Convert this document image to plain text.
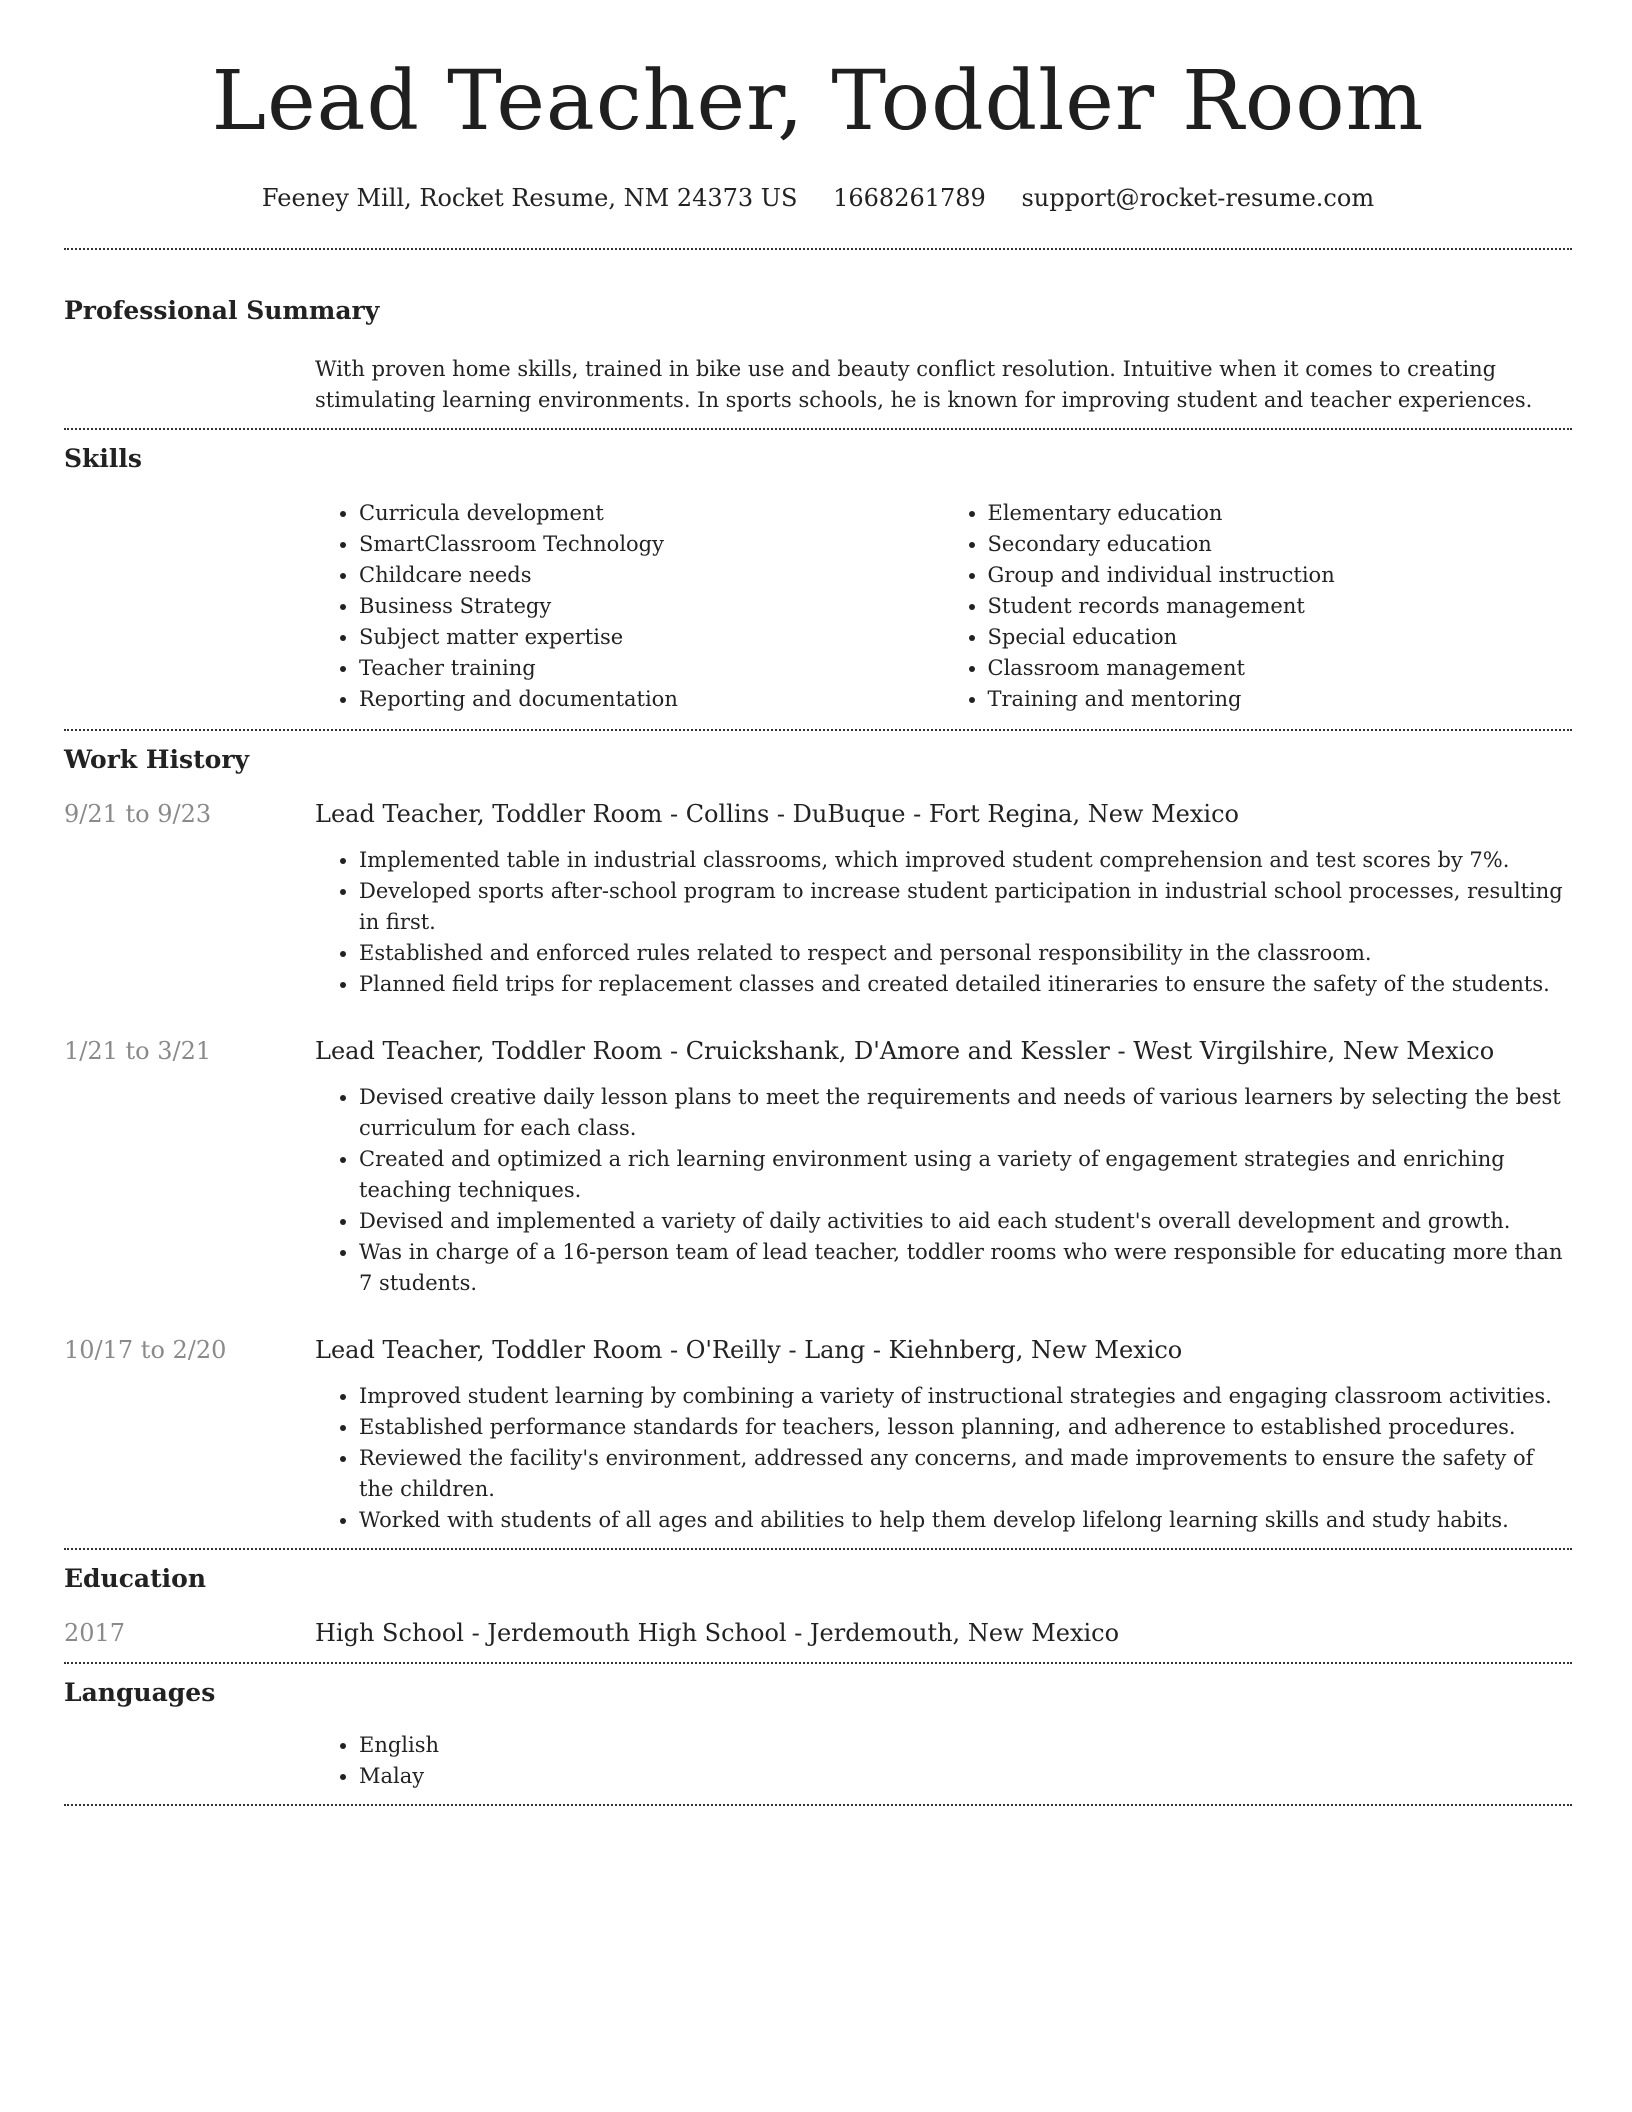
Lead Teacher, Toddler Room
Feeney Mill, Rocket Resume, NM 24373 US 1668261789 support@rocket-resume.com
Professional Summary

With proven home skills, trained in bike use and beauty conflict resolution. Intuitive when it comes to creating stimulating learning environments. In sports schools, he is known for improving student and teacher experiences.

Skills
• Curricula development
• SmartClassroom Technology
• Childcare needs
• Business Strategy
• Subject matter expertise
• Teacher training
• Reporting and documentation
• Elementary education
• Secondary education
• Group and individual instruction
• Student records management
• Special education
• Classroom management
• Training and mentoring
Work History
9/21 to 9/23	Lead Teacher, Toddler Room - Collins - DuBuque - Fort Regina, New Mexico
• Implemented table in industrial classrooms, which improved student comprehension and test scores by 7%.
• Developed sports after-school program to increase student participation in industrial school processes, resulting in first.
• Established and enforced rules related to respect and personal responsibility in the classroom.
• Planned field trips for replacement classes and created detailed itineraries to ensure the safety of the students.
1/21 to 3/21	Lead Teacher, Toddler Room - Cruickshank, D'Amore and Kessler - West Virgilshire, New Mexico
• Devised creative daily lesson plans to meet the requirements and needs of various learners by selecting the best curriculum for each class.
• Created and optimized a rich learning environment using a variety of engagement strategies and enriching teaching techniques.
• Devised and implemented a variety of daily activities to aid each student's overall development and growth.
• Was in charge of a 16-person team of lead teacher, toddler rooms who were responsible for educating more than 7 students.
10/17 to 2/20	Lead Teacher, Toddler Room - O'Reilly - Lang - Kiehnberg, New Mexico
• Improved student learning by combining a variety of instructional strategies and engaging classroom activities.
• Established performance standards for teachers, lesson planning, and adherence to established procedures.
• Reviewed the facility's environment, addressed any concerns, and made improvements to ensure the safety of the children.
• Worked with students of all ages and abilities to help them develop lifelong learning skills and study habits.
Education
2017	High School - Jerdemouth High School - Jerdemouth, New Mexico
Languages
• English
• Malay
